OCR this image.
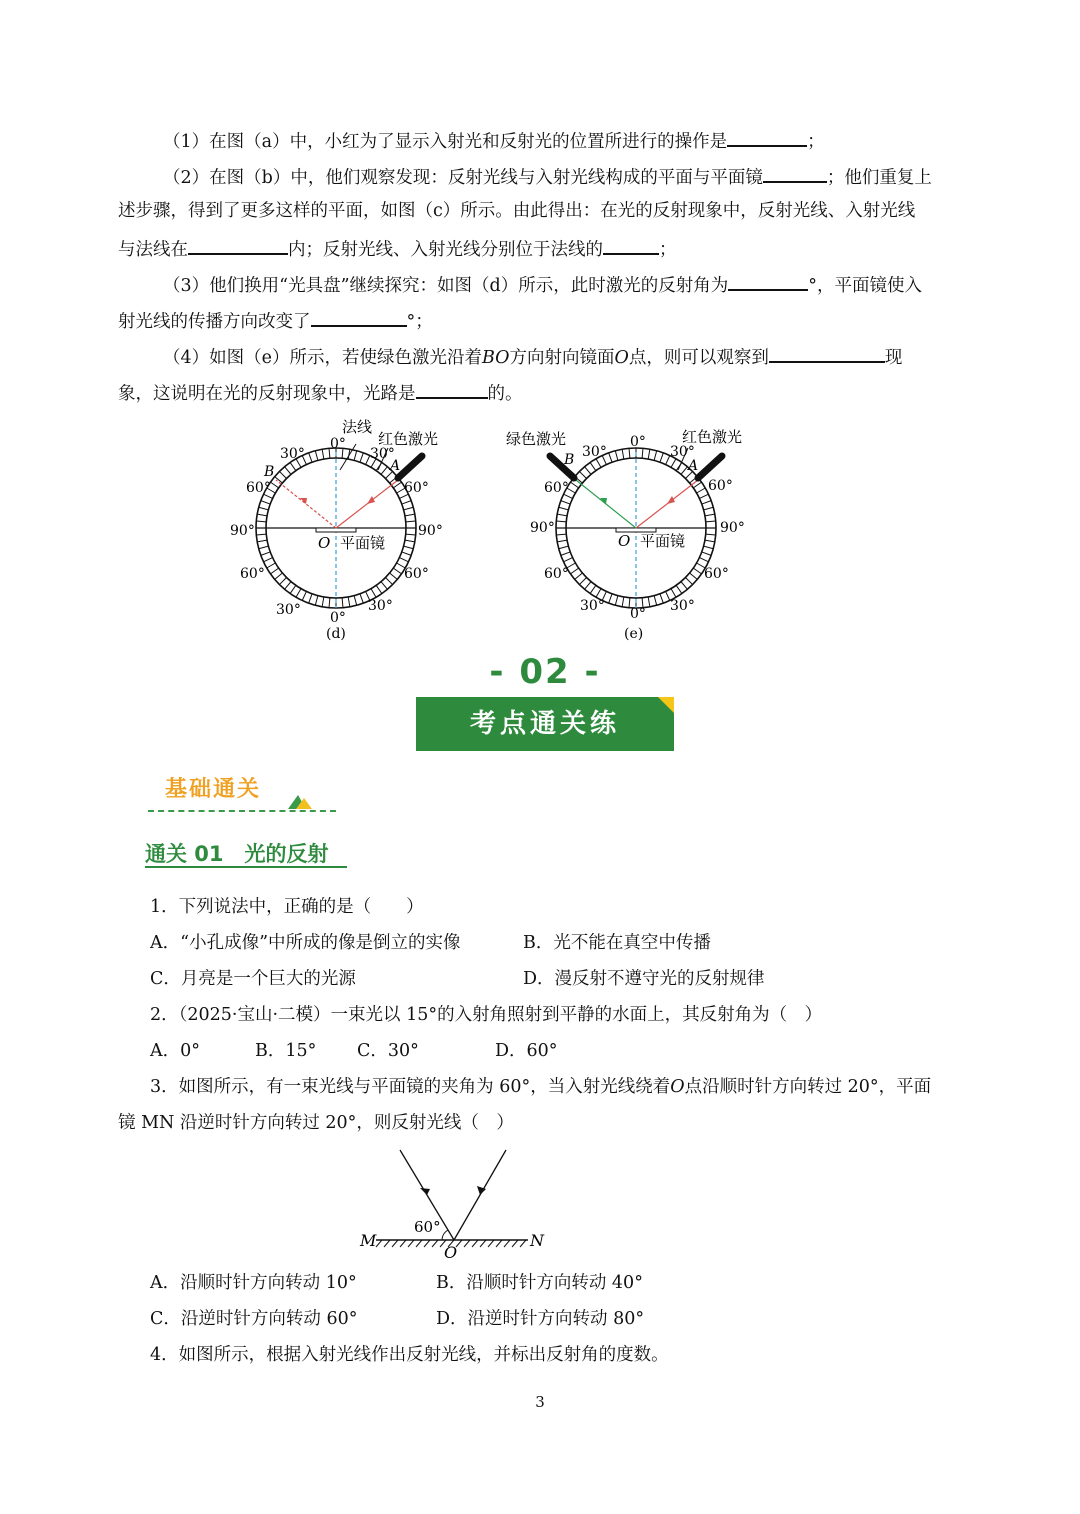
（1）在图（a）中，小红为了显示入射光和反射光的位置所进行的操作是	；
（2）在图（b）中，他们观察发现：反射光线与入射光线构成的平面与平面镜	；他们重复上
述步骤，得到了更多这样的平面，如图（c）所示。由此得出：在光的反射现象中，反射光线、入射光线
与法线在	内；反射光线、入射光线分别位于法线的	；
（3）他们换用“光具盘”继续探究：如图（d）所示，此时激光的反射角为	°，平面镜使入
射光线的传播方向改变了	°；
（4）如图（e）所示，若使绿色激光沿着BO方向射向镜面O点，则可以观察到	现
象，这说明在光的反射现象中，光路是	的。
法线
红色激光
0°
30°	30°
B	A
60°	60°
90°	90°
O 平面镜
60°	60°
30°	30°
0°
(d)
绿色激光	红色激光
0°
30°	30°
B	A
60°	60°
90°	90°
O 平面镜
60°	60°
30°	30°
0°
(e)
- 02 -
考点通关练
基础通关
通关 01　光的反射
1．下列说法中，正确的是（　　）
A．“小孔成像”中所成的像是倒立的实像	B．光不能在真空中传播
C．月亮是一个巨大的光源	D．漫反射不遵守光的反射规律
2．（2025·宝山·二模）一束光以 15°的入射角照射到平静的水面上，其反射角为（　）
A．0°	B．15° C．30°	D．60°
3．如图所示，有一束光线与平面镜的夹角为 60°，当入射光线绕着O点沿顺时针方向转过 20°，平面
镜 MN 沿逆时针方向转过 20°，则反射光线（　）
60°
M	N
O
A．沿顺时针方向转动 10°	B．沿顺时针方向转动 40°
C．沿逆时针方向转动 60°	D．沿逆时针方向转动 80°
4．如图所示，根据入射光线作出反射光线，并标出反射角的度数。
3
